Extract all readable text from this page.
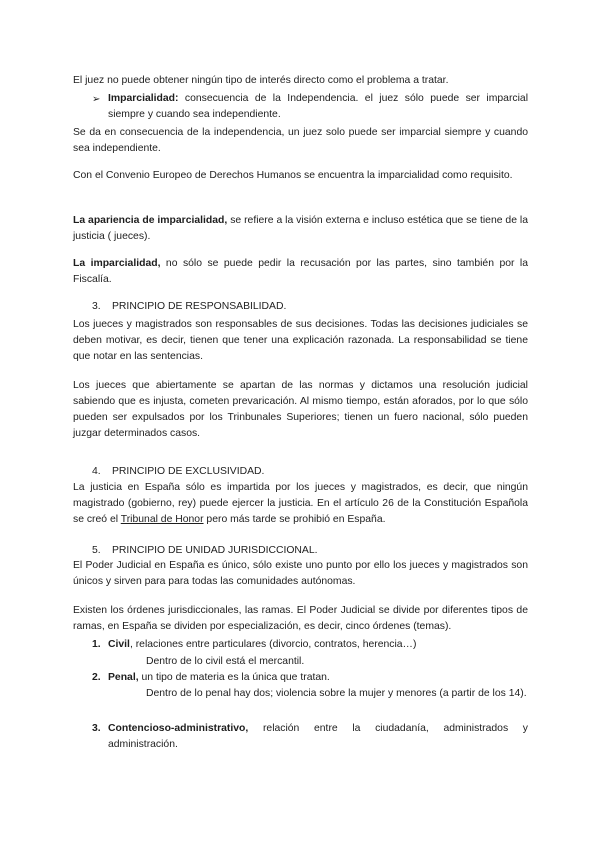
El juez no puede obtener ningún tipo de interés directo como el problema a tratar.

➢ Imparcialidad: consecuencia de la Independencia. el juez sólo puede ser imparcial

siempre y cuando sea independiente.

Se da en consecuencia de la independencia, un juez solo puede ser imparcial siempre y cuando sea independiente.

Con el Convenio Europeo de Derechos Humanos se encuentra la imparcialidad como requisito.

La apariencia de imparcialidad, se refiere a la visión externa e incluso estética que se tiene de la justicia ( jueces).

La imparcialidad, no sólo se puede pedir la recusación por las partes, sino también por la Fiscalía.

3. PRINCIPIO DE RESPONSABILIDAD.

Los jueces y magistrados son responsables de sus decisiones. Todas las decisiones judiciales se deben motivar, es decir, tienen que tener una explicación razonada. La responsabilidad se tiene que notar en las sentencias.

Los jueces que abiertamente se apartan de las normas y dictamos una resolución judicial sabiendo que es injusta, cometen prevaricación. Al mismo tiempo, están aforados, por lo que sólo pueden ser expulsados por los Trinbunales Superiores; tienen un fuero nacional, sólo pueden juzgar determinados casos.

4. PRINCIPIO DE EXCLUSIVIDAD.

La justicia en España sólo es impartida por los jueces y magistrados, es decir, que ningún magistrado (gobierno, rey) puede ejercer la justicia. En el artículo 26 de la Constitución Española se creó el Tribunal de Honor pero más tarde se prohibió en España.

5. PRINCIPIO DE UNIDAD JURISDICCIONAL.

El Poder Judicial en España es único, sólo existe uno punto por ello los jueces y magistrados son únicos y sirven para para todas las comunidades autónomas.

Existen los órdenes jurisdiccionales, las ramas. El Poder Judicial se divide por diferentes tipos de ramas, en España se dividen por especialización, es decir, cinco órdenes (temas).

1. Civil, relaciones entre particulares (divorcio, contratos, herencia…)

Dentro de lo civil está el mercantil.

2. Penal, un tipo de materia es la única que tratan.

Dentro de lo penal hay dos; violencia sobre la mujer y menores (a partir de los 14).

3. Contencioso-administrativo, relación entre la ciudadanía, administrados y administración.
